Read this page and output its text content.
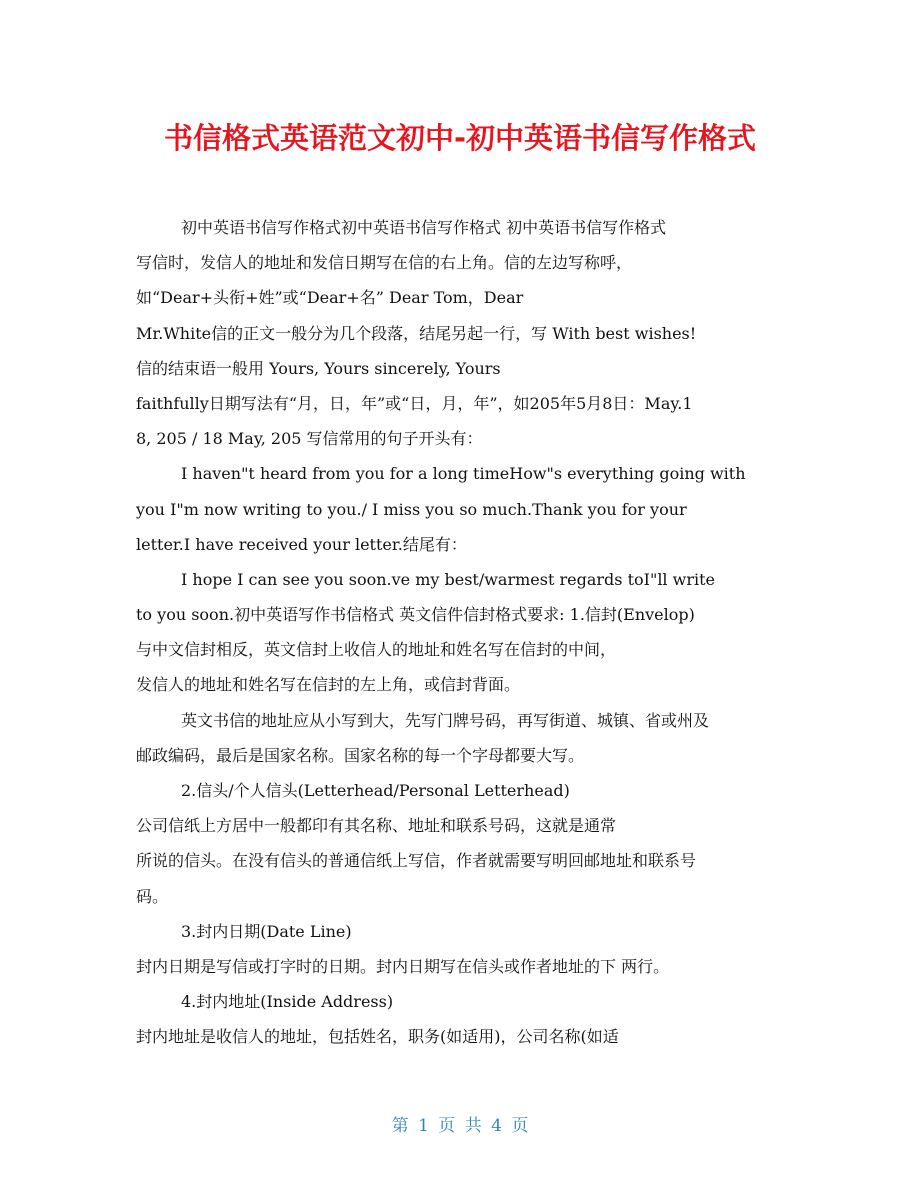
书信格式英语范文初中-初中英语书信写作格式
初中英语书信写作格式初中英语书信写作格式 初中英语书信写作格式
写信时，发信人的地址和发信日期写在信的右上角。信的左边写称呼，
如“Dear+头衔+姓”或“Dear+名” Dear Tom，Dear
Mr.White信的正文一般分为几个段落，结尾另起一行，写 With best wishes!
信的结束语一般用 Yours, Yours sincerely, Yours
faithfully日期写法有“月，日，年”或“日，月，年”，如205年5月8日：May.1
8, 205 / 18 May, 205 写信常用的句子开头有：
I haven"t heard from you for a long timeHow"s everything going with
you I"m now writing to you./ I miss you so much.Thank you for your
letter.I have received your letter.结尾有：
I hope I can see you soon.ve my best/warmest regards toI"ll write
to you soon.初中英语写作书信格式 英文信件信封格式要求: 1.信封(Envelop)
与中文信封相反，英文信封上收信人的地址和姓名写在信封的中间，
发信人的地址和姓名写在信封的左上角，或信封背面。
英文书信的地址应从小写到大，先写门牌号码，再写街道、城镇、省或州及
邮政编码，最后是国家名称。国家名称的每一个字母都要大写。
2.信头/个人信头(Letterhead/Personal Letterhead)
公司信纸上方居中一般都印有其名称、地址和联系号码，这就是通常
所说的信头。在没有信头的普通信纸上写信，作者就需要写明回邮地址和联系号
码。
3.封内日期(Date Line)
封内日期是写信或打字时的日期。封内日期写在信头或作者地址的下 两行。
4.封内地址(Inside Address)
封内地址是收信人的地址，包括姓名，职务(如适用)，公司名称(如适
第 1 页 共 4 页
